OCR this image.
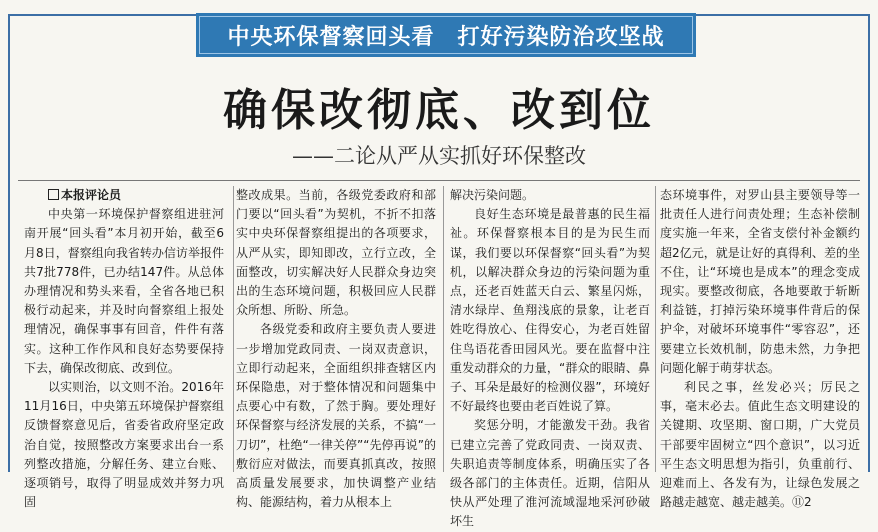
中央环保督察回头看　打好污染防治攻坚战
确保改彻底、改到位
——二论从严从实抓好环保整改

本报评论员

中央第一环境保护督察组进驻河南开展“回头看”本月初开始，截至6月8日，督察组向我省转办信访举报件共7批778件，已办结147件。从总体办理情况和势头来看，全省各地已积极行动起来，并及时向督察组上报处理情况，确保事事有回音，件件有落实。这种工作作风和良好态势要保持下去，确保改彻底、改到位。

以实则治，以文则不治。2016年11月16日，中央第五环境保护督察组反馈督察意见后，省委省政府坚定政治自觉，按照整改方案要求出台一系列整改措施，分解任务、建立台账、逐项销号，取得了明显成效并努力巩固

整改成果。当前，各级党委政府和部门要以“回头看”为契机，不折不扣落实中央环保督察组提出的各项要求，从严从实，即知即改，立行立改，全面整改，切实解决好人民群众身边突出的生态环境问题，积极回应人民群众所想、所盼、所急。

各级党委和政府主要负责人要进一步增加党政同责、一岗双责意识，立即行动起来，全面组织排查辖区内环保隐患，对于整体情况和问题集中点要心中有数，了然于胸。要处理好环保督察与经济发展的关系，不搞“一刀切”，杜绝“一律关停”“先停再说”的敷衍应对做法，而要真抓真改，按照高质量发展要求，加快调整产业结构、能源结构，着力从根本上

解决污染问题。

良好生态环境是最普惠的民生福祉。环保督察根本目的是为民生而谋，我们要以环保督察“回头看”为契机，以解决群众身边的污染问题为重点，还老百姓蓝天白云、繁星闪烁，清水绿岸、鱼翔浅底的景象，让老百姓吃得放心、住得安心，为老百姓留住鸟语花香田园风光。要在监督中注重发动群众的力量，“群众的眼睛、鼻子、耳朵是最好的检测仪器”，环境好不好最终也要由老百姓说了算。

奖惩分明，才能激发干劲。我省已建立完善了党政同责、一岗双责、失职追责等制度体系，明确压实了各级各部门的主体责任。近期，信阳从快从严处理了淮河流域湿地采河砂破坏生

态环境事件，对罗山县主要领导等一批责任人进行问责处理；生态补偿制度实施一年来，全省支偿付补金额约超2亿元，就是让好的真得利、差的坐不住，让“环境也是成本”的理念变成现实。要整改彻底，各地要敢于斩断利益链，打掉污染环境事件背后的保护伞，对破坏环境事件“零容忍”，还要建立长效机制，防患未然，力争把问题化解于萌芽状态。

利民之事，丝发必兴；厉民之事，毫末必去。值此生态文明建设的关键期、攻坚期、窗口期，广大党员干部要牢固树立“四个意识”，以习近平生态文明思想为指引，负重前行、迎难而上、各发有为，让绿色发展之路越走越宽、越走越美。⑪2
